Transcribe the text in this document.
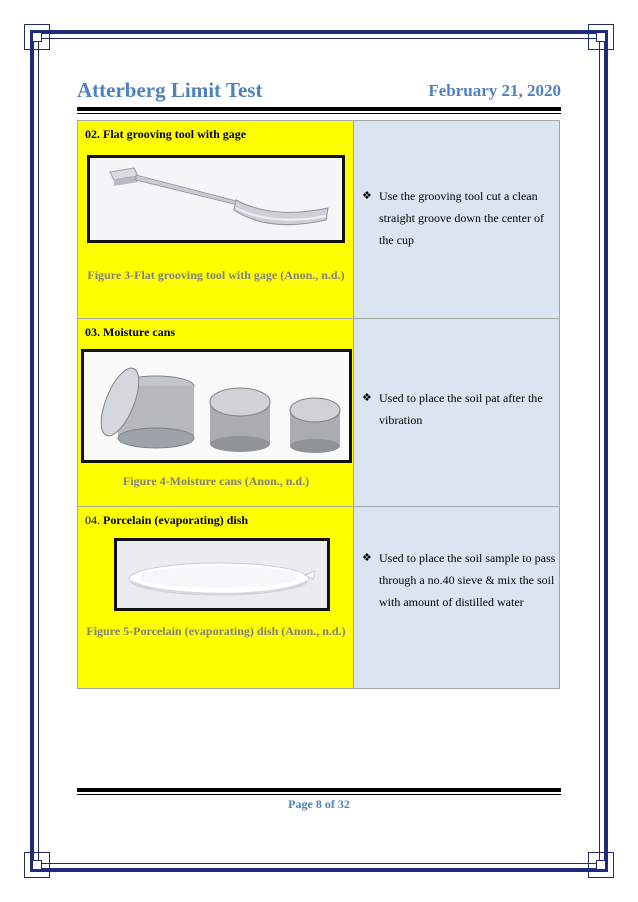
Atterberg Limit Test	February 21, 2020
02. Flat grooving tool with gage
Figure 3-Flat grooving tool with gage (Anon., n.d.)
❖ Use the grooving tool cut a clean straight groove down the center of the cup
03. Moisture cans
Figure 4-Moisture cans (Anon., n.d.)
❖ Used to place the soil pat after the vibration
04. Porcelain (evaporating) dish
Figure 5-Porcelain (evaporating) dish (Anon., n.d.)
❖ Used to place the soil sample to pass through a no.40 sieve & mix the soil with amount of distilled water
Page 8 of 32
